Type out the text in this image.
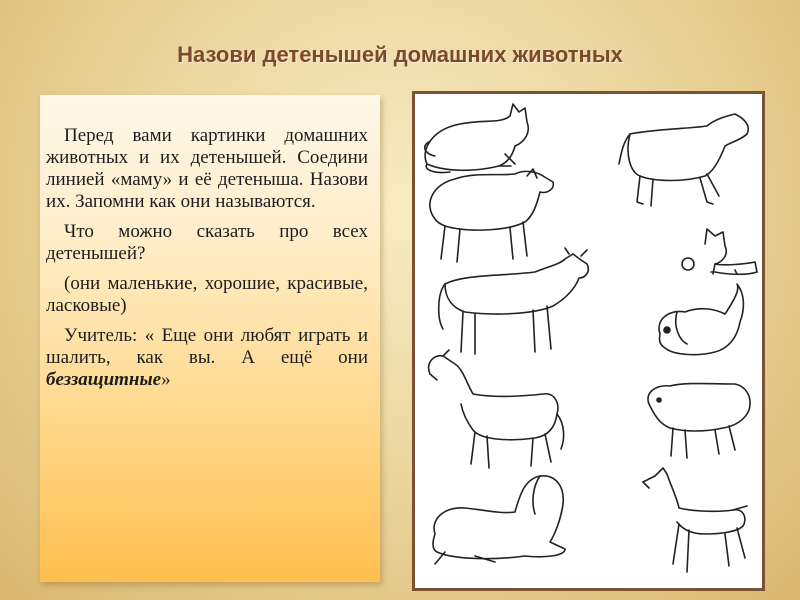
Назови детенышей домашних животных

Перед вами картинки домашних животных и их детенышей. Соедини линией «маму» и её детеныша. Назови их. Запомни как они называются.

Что можно сказать про всех детенышей?

(они маленькие, хорошие, красивые, ласковые)

Учитель: « Еще они любят играть и шалить, как вы. А ещё они беззащитные»
